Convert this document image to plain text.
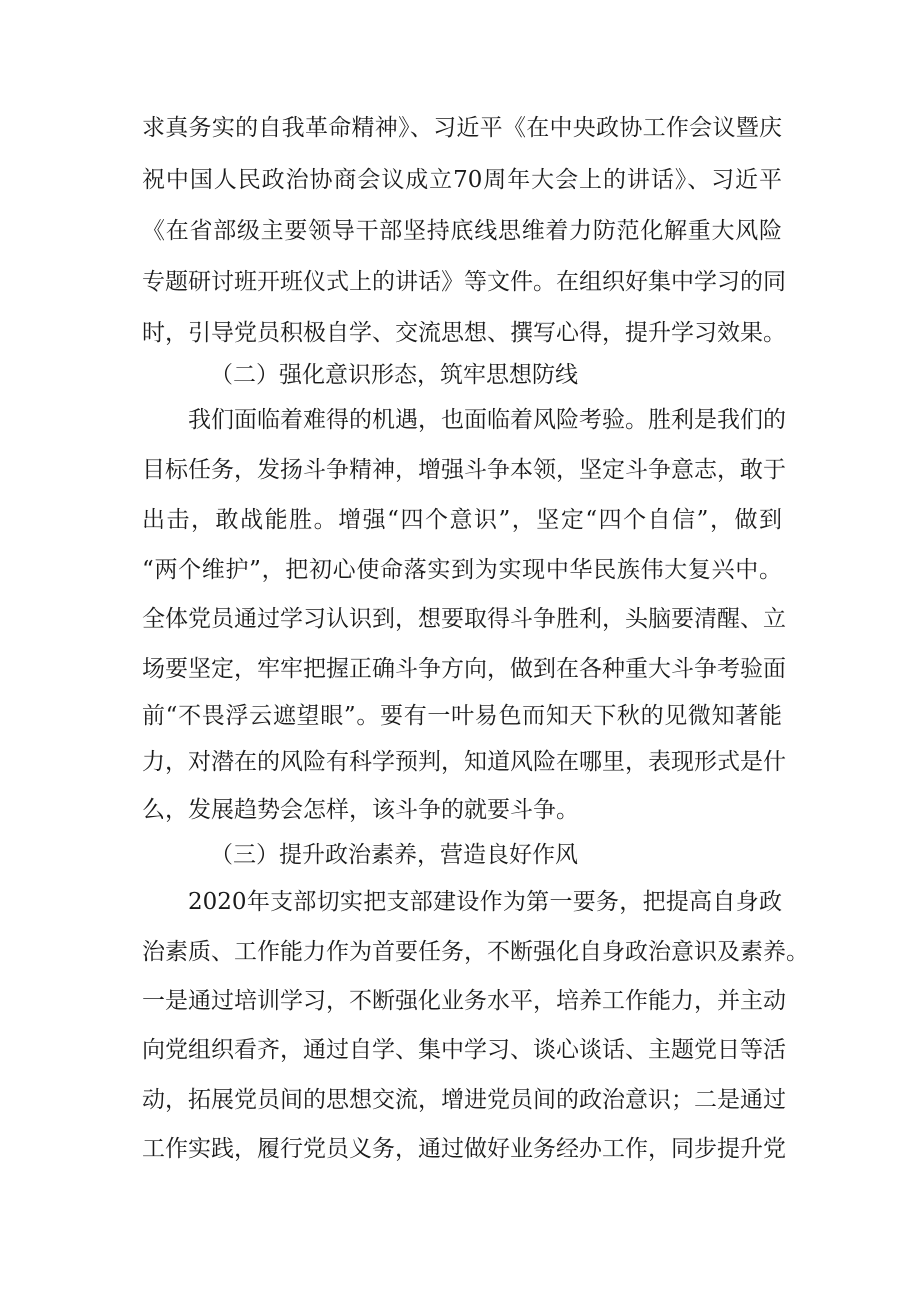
求真务实的自我革命精神》、习近平《在中央政协工作会议暨庆
祝中国人民政治协商会议成立70周年大会上的讲话》、习近平
《在省部级主要领导干部坚持底线思维着力防范化解重大风险
专题研讨班开班仪式上的讲话》等文件。在组织好集中学习的同
时，引导党员积极自学、交流思想、撰写心得，提升学习效果。
（二）强化意识形态，筑牢思想防线
我们面临着难得的机遇，也面临着风险考验。胜利是我们的
目标任务，发扬斗争精神，增强斗争本领，坚定斗争意志，敢于
出击，敢战能胜。增强“四个意识”，坚定“四个自信”，做到
“两个维护”，把初心使命落实到为实现中华民族伟大复兴中。
全体党员通过学习认识到，想要取得斗争胜利，头脑要清醒、立
场要坚定，牢牢把握正确斗争方向，做到在各种重大斗争考验面
前“不畏浮云遮望眼”。要有一叶易色而知天下秋的见微知著能
力，对潜在的风险有科学预判，知道风险在哪里，表现形式是什
么，发展趋势会怎样，该斗争的就要斗争。
（三）提升政治素养，营造良好作风
2020年支部切实把支部建设作为第一要务，把提高自身政
治素质、工作能力作为首要任务，不断强化自身政治意识及素养。
一是通过培训学习，不断强化业务水平，培养工作能力，并主动
向党组织看齐，通过自学、集中学习、谈心谈话、主题党日等活
动，拓展党员间的思想交流，增进党员间的政治意识；二是通过
工作实践，履行党员义务，通过做好业务经办工作，同步提升党
